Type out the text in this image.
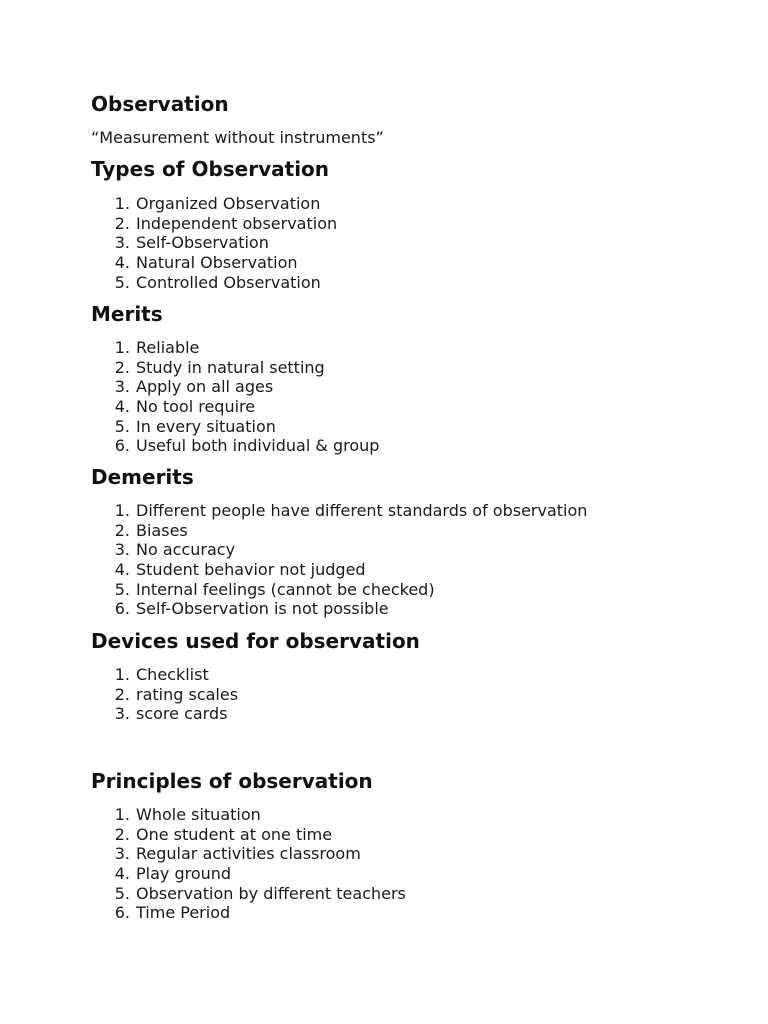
Observation

“Measurement without instruments”

Types of Observation
1. Organized Observation
2. Independent observation
3. Self-Observation
4. Natural Observation
5. Controlled Observation
Merits
1. Reliable
2. Study in natural setting
3. Apply on all ages
4. No tool require
5. In every situation
6. Useful both individual & group
Demerits
1. Different people have different standards of observation
2. Biases
3. No accuracy
4. Student behavior not judged
5. Internal feelings (cannot be checked)
6. Self-Observation is not possible
Devices used for observation
1. Checklist
2. rating scales
3. score cards
Principles of observation
1. Whole situation
2. One student at one time
3. Regular activities classroom
4. Play ground
5. Observation by different teachers
6. Time Period
